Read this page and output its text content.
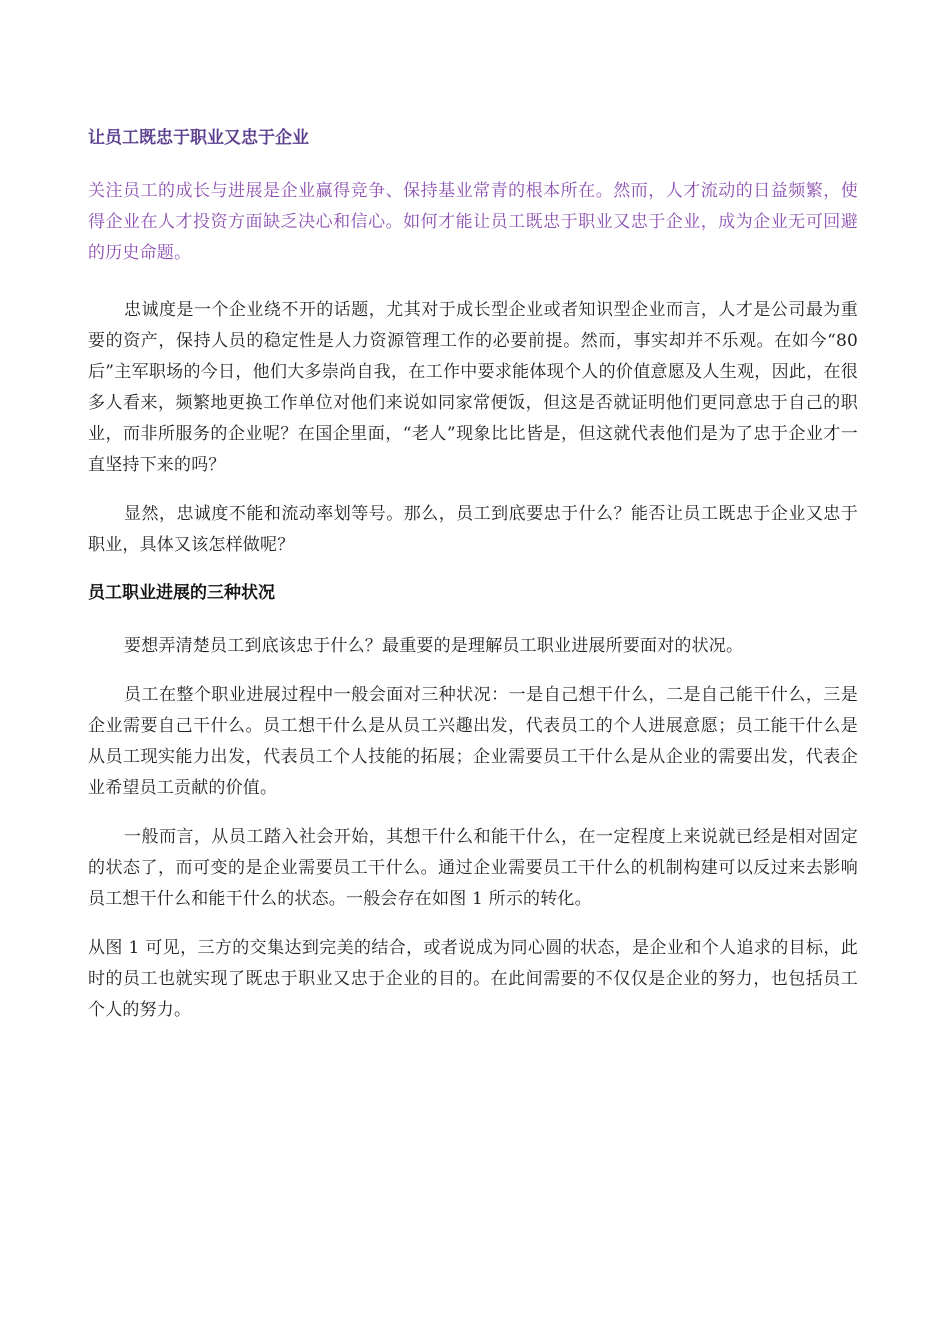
让员工既忠于职业又忠于企业

关注员工的成长与进展是企业赢得竞争、保持基业常青的根本所在。然而，人才流动的日益频繁，使得企业在人才投资方面缺乏决心和信心。如何才能让员工既忠于职业又忠于企业，成为企业无可回避的历史命题。

忠诚度是一个企业绕不开的话题，尤其对于成长型企业或者知识型企业而言，人才是公司最为重要的资产，保持人员的稳定性是人力资源管理工作的必要前提。然而，事实却并不乐观。在如今“80后”主军职场的今日，他们大多崇尚自我，在工作中要求能体现个人的价值意愿及人生观，因此，在很多人看来，频繁地更换工作单位对他们来说如同家常便饭，但这是否就证明他们更同意忠于自己的职业，而非所服务的企业呢？在国企里面，“老人”现象比比皆是，但这就代表他们是为了忠于企业才一直坚持下来的吗？

显然，忠诚度不能和流动率划等号。那么，员工到底要忠于什么？能否让员工既忠于企业又忠于职业，具体又该怎样做呢？

员工职业进展的三种状况

要想弄清楚员工到底该忠于什么？最重要的是理解员工职业进展所要面对的状况。

员工在整个职业进展过程中一般会面对三种状况：一是自己想干什么，二是自己能干什么，三是企业需要自己干什么。员工想干什么是从员工兴趣出发，代表员工的个人进展意愿；员工能干什么是从员工现实能力出发，代表员工个人技能的拓展；企业需要员工干什么是从企业的需要出发，代表企业希望员工贡献的价值。

一般而言，从员工踏入社会开始，其想干什么和能干什么，在一定程度上来说就已经是相对固定的状态了，而可变的是企业需要员工干什么。通过企业需要员工干什么的机制构建可以反过来去影响员工想干什么和能干什么的状态。一般会存在如图 1 所示的转化。

从图 1 可见，三方的交集达到完美的结合，或者说成为同心圆的状态，是企业和个人追求的目标，此时的员工也就实现了既忠于职业又忠于企业的目的。在此间需要的不仅仅是企业的努力，也包括员工个人的努力。
